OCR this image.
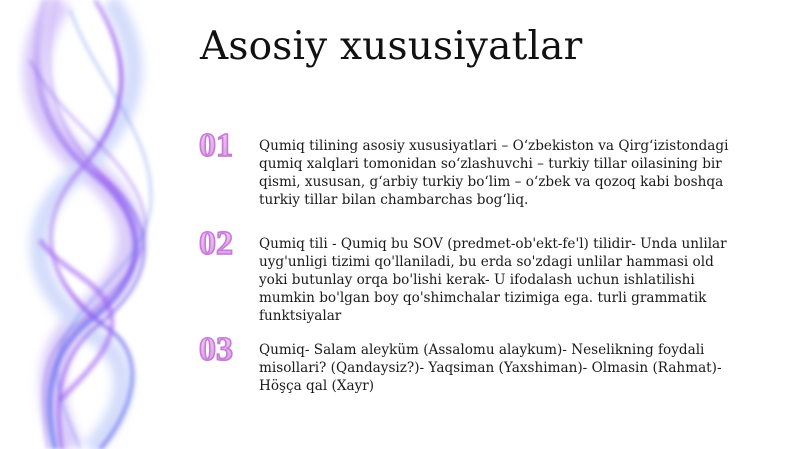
Asosiy xususiyatlar
01 Qumiq tilining asosiy xususiyatlari – O‘zbekiston va Qirg‘izistondagi qumiq xalqlari tomonidan so‘zlashuvchi – turkiy tillar oilasining bir qismi, xususan, g‘arbiy turkiy bo‘lim – o‘zbek va qozoq kabi boshqa turkiy tillar bilan chambarchas bog‘liq.

02 Qumiq tili - Qumiq bu SOV (predmet-ob'ekt-fe'l) tilidir- Unda unlilar uyg'unligi tizimi qo'llaniladi, bu erda so'zdagi unlilar hammasi old yoki butunlay orqa bo'lishi kerak- U ifodalash uchun ishlatilishi mumkin bo'lgan boy qo'shimchalar tizimiga ega. turli grammatik funktsiyalar

03 Qumiq- Salam aleyküm (Assalomu alaykum)- Neselikning foydali misollari? (Qandaysiz?)- Yaqsiman (Yaxshiman)- Olmasin (Rahmat)- Höşça qal (Xayr)
